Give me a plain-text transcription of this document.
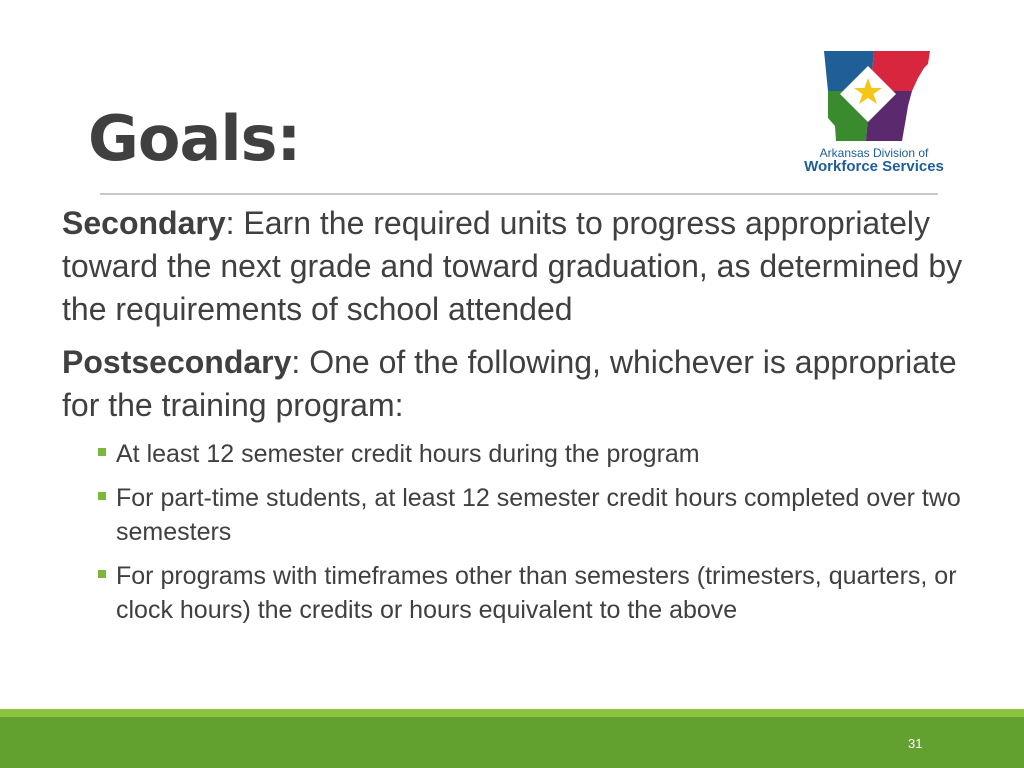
Goals:	Arkansas Division of
Workforce Services

Secondary: Earn the required units to progress appropriately toward the next grade and toward graduation, as determined by the requirements of school attended

Postsecondary: One of the following, whichever is appropriate for the training program:

At least 12 semester credit hours during the program
For part-time students, at least 12 semester credit hours completed over two semesters
For programs with timeframes other than semesters (trimesters, quarters, or clock hours) the credits or hours equivalent to the above
31
